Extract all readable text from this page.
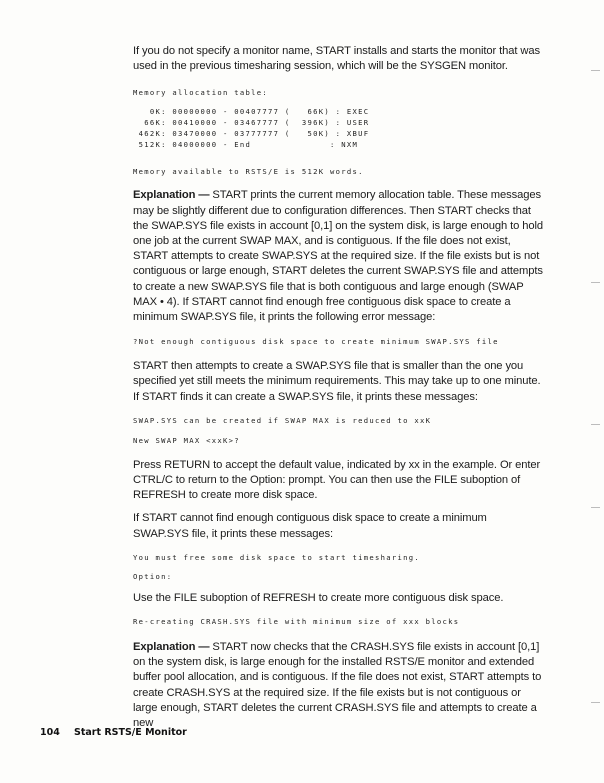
If you do not specify a monitor name, START installs and starts the monitor that was used in the previous timesharing session, which will be the SYSGEN monitor.

Memory allocation table:
0K: 00000000 - 00407777 (   66K) : EXEC
66K: 00410000 - 03467777 (  396K) : USER
462K: 03470000 - 03777777 (   50K) : XBUF
512K: 04000000 - End              : NXM
Memory available to RSTS/E is 512K words.

Explanation — START prints the current memory allocation table. These messages may be slightly different due to configuration differences. Then START checks that the SWAP.SYS file exists in account [0,1] on the system disk, is large enough to hold one job at the current SWAP MAX, and is contiguous. If the file does not exist, START attempts to create SWAP.SYS at the required size. If the file exists but is not contiguous or large enough, START deletes the current SWAP.SYS file and attempts to create a new SWAP.SYS file that is both contiguous and large enough (SWAP MAX • 4). If START cannot find enough free contiguous disk space to create a minimum SWAP.SYS file, it prints the following error message:

?Not enough contiguous disk space to create minimum SWAP.SYS file

START then attempts to create a SWAP.SYS file that is smaller than the one you specified yet still meets the minimum requirements. This may take up to one minute. If START finds it can create a SWAP.SYS file, it prints these messages:

SWAP.SYS can be created if SWAP MAX is reduced to xxK
New SWAP MAX <xxK>?

Press RETURN to accept the default value, indicated by xx in the example. Or enter CTRL/C to return to the Option: prompt. You can then use the FILE suboption of REFRESH to create more disk space.

If START cannot find enough contiguous disk space to create a minimum SWAP.SYS file, it prints these messages:

You must free some disk space to start timesharing.
Option:

Use the FILE suboption of REFRESH to create more contiguous disk space.

Re-creating CRASH.SYS file with minimum size of xxx blocks

Explanation — START now checks that the CRASH.SYS file exists in account [0,1] on the system disk, is large enough for the installed RSTS/E monitor and extended buffer pool allocation, and is contiguous. If the file does not exist, START attempts to create CRASH.SYS at the required size. If the file exists but is not contiguous or large enough, START deletes the current CRASH.SYS file and attempts to create a new

104 Start RSTS/E Monitor
